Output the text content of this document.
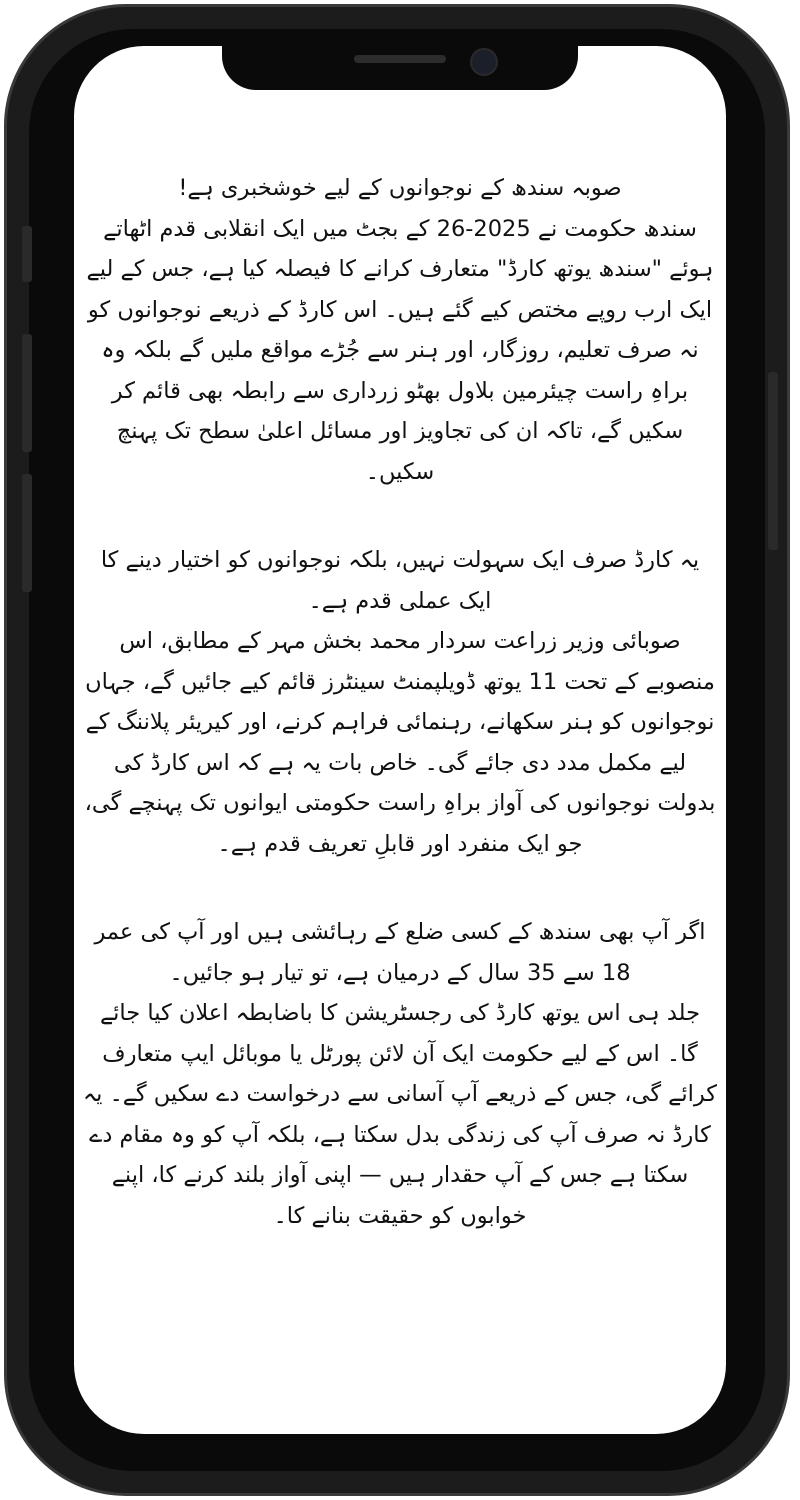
صوبہ سندھ کے نوجوانوں کے لیے خوشخبری ہے!

سندھ حکومت نے 2025-26 کے بجٹ میں ایک انقلابی قدم اٹھاتے ہوئے "سندھ یوتھ کارڈ" متعارف کرانے کا فیصلہ کیا ہے، جس کے لیے ایک ارب روپے مختص کیے گئے ہیں۔ اس کارڈ کے ذریعے نوجوانوں کو نہ صرف تعلیم، روزگار، اور ہنر سے جُڑے مواقع ملیں گے بلکہ وہ براہِ راست چیئرمین بلاول بھٹو زرداری سے رابطہ بھی قائم کر سکیں گے، تاکہ ان کی تجاویز اور مسائل اعلیٰ سطح تک پہنچ سکیں۔

یہ کارڈ صرف ایک سہولت نہیں، بلکہ نوجوانوں کو اختیار دینے کا ایک عملی قدم ہے۔

صوبائی وزیر زراعت سردار محمد بخش مہر کے مطابق، اس منصوبے کے تحت 11 یوتھ ڈویلپمنٹ سینٹرز قائم کیے جائیں گے، جہاں نوجوانوں کو ہنر سکھانے، رہنمائی فراہم کرنے، اور کیریئر پلاننگ کے لیے مکمل مدد دی جائے گی۔ خاص بات یہ ہے کہ اس کارڈ کی بدولت نوجوانوں کی آواز براہِ راست حکومتی ایوانوں تک پہنچے گی، جو ایک منفرد اور قابلِ تعریف قدم ہے۔

اگر آپ بھی سندھ کے کسی ضلع کے رہائشی ہیں اور آپ کی عمر 18 سے 35 سال کے درمیان ہے، تو تیار ہو جائیں۔

جلد ہی اس یوتھ کارڈ کی رجسٹریشن کا باضابطہ اعلان کیا جائے گا۔ اس کے لیے حکومت ایک آن لائن پورٹل یا موبائل ایپ متعارف کرائے گی، جس کے ذریعے آپ آسانی سے درخواست دے سکیں گے۔ یہ کارڈ نہ صرف آپ کی زندگی بدل سکتا ہے، بلکہ آپ کو وہ مقام دے سکتا ہے جس کے آپ حقدار ہیں — اپنی آواز بلند کرنے کا، اپنے خوابوں کو حقیقت بنانے کا۔
